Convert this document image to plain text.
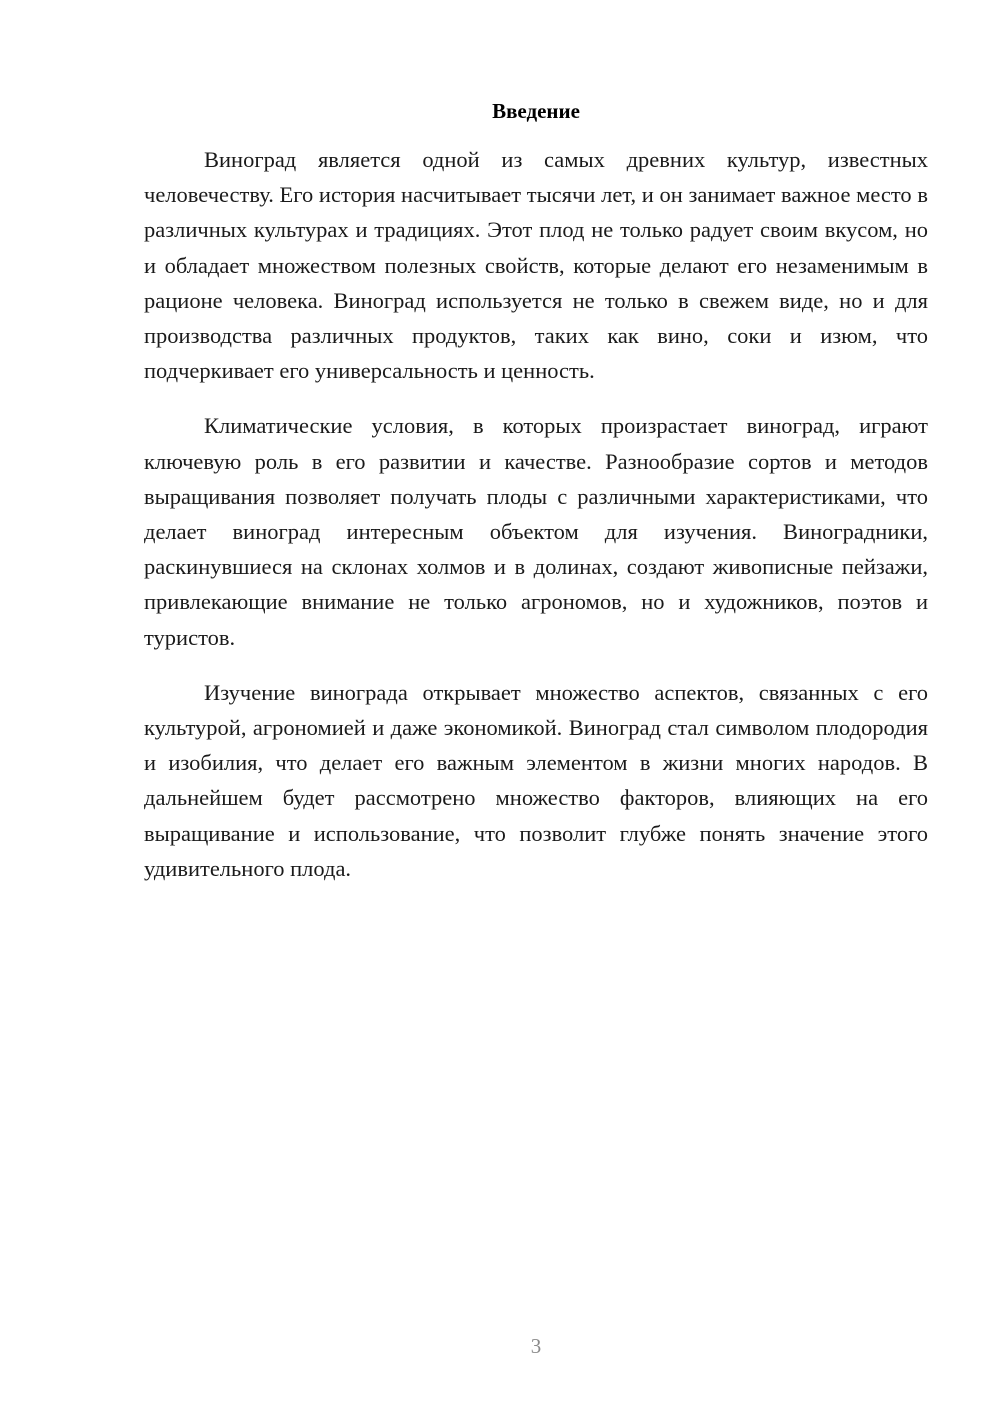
Введение

Виноград является одной из самых древних культур, известных человечеству. Его история насчитывает тысячи лет, и он занимает важное место в различных культурах и традициях. Этот плод не только радует своим вкусом, но и обладает множеством полезных свойств, которые делают его незаменимым в рационе человека. Виноград используется не только в свежем виде, но и для производства различных продуктов, таких как вино, соки и изюм, что подчеркивает его универсальность и ценность.

Климатические условия, в которых произрастает виноград, играют ключевую роль в его развитии и качестве. Разнообразие сортов и методов выращивания позволяет получать плоды с различными характеристиками, что делает виноград интересным объектом для изучения. Виноградники, раскинувшиеся на склонах холмов и в долинах, создают живописные пейзажи, привлекающие внимание не только агрономов, но и художников, поэтов и туристов.

Изучение винограда открывает множество аспектов, связанных с его культурой, агрономией и даже экономикой. Виноград стал символом плодородия и изобилия, что делает его важным элементом в жизни многих народов. В дальнейшем будет рассмотрено множество факторов, влияющих на его выращивание и использование, что позволит глубже понять значение этого удивительного плода.

3
